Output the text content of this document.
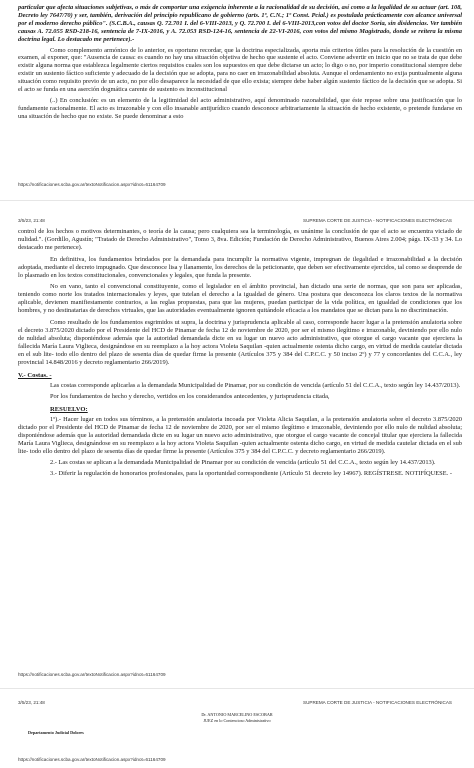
particular que afecta situaciones subjetivas, o más de comportar una exigencia inherente a la racionalidad de su decisión, así como a la legalidad de su actuar (art. 108, Decreto ley 7647/70) y ser, también, derivación del principio republicano de gobierno (arts. 1º, C.N.; 1º Const. Pcial.) es postulada prácticamente con alcance universal por el moderno derecho público". (S.C.B.A., causas Q. 72.701 I. del 6-VIII-2013, y Q. 72.700 I. del 6-VIII-2013,con votos del doctor Soria, sin disidencias. Ver también causas A. 72.055 RSD-218-16, sentencia de 7-IX-2016, y A. 72.053 RSD-124-16, sentencia de 22-VI-2016, con votos del mismo Magistrado, donde se reitera la misma doctrina legal. Lo destacado me pertenece).-

Como complemento armónico de lo anterior, es oportuno recordar, que la doctrina especializada, aporta más criterios útiles para la resolución de la cuestión en examen, al exponer, que: "Ausencia de causa: es cuando no hay una situación objetiva de hecho que sustente el acto. Conviene advertir en inicio que no se trata de que debe existir alguna norma que establezca legalmente ciertos requisitos cuales son los supuestos en que debe dictarse un acto; lo digo o no, por imperio constitucional siempre debe existir un sustento fáctico suficiente y adecuado de la decisión que se adopta, para no caer en irrazonabilidad absoluta. Aunque el ordenamiento no exija puntualmente alguna situación como requisito previo de un acto, no por ello desaparece la necesidad de que ello exista; siempre debe haber algún sustento fáctico de la decisión que se adopta. Si el acto se funda en una aserción dogmática carente de sustento es inconstitucional

(..) En conclusión: es un elemento de la legitimidad del acto administrativo, aquí denominado razonabilidad, que éste repose sobre una justificación que lo fundamente racionalmente. El acto es irrazonable y con ello insanable antijurídico cuando desconoce arbitrariamente la situación de hecho existente, o pretende fundarse en una situación de hecho que no existe. Se puede denominar a esto

https://notificaciones.scba.gov.ar/textoNotificacion.aspx?idnot=61164709

3/5/23, 21:48	SUPREMA CORTE DE JUSTICIA - NOTIFICACIONES ELECTRÓNICAS

control de los hechos o motivos determinantes, o teoría de la causa; pero cualquiera sea la terminología, es unánime la conclusión de que el acto se encuentra viciado de nulidad.". (Gordillo, Agustín; "Tratado de Derecho Administrativo", Tomo 3, 8va. Edición; Fundación de Derecho Administrativo, Buenos Aires 2.004; págs. IX-33 y 34. Lo destacado me pertenece).

En definitiva, los fundamentos brindados por la demandada para incumplir la normativa vigente, impregnan de ilegalidad e irrazonabilidad a la decisión adoptada, mediante el decreto impugnado. Que desconoce lisa y llanamente, los derechos de la peticionante, que deben ser efectivamente ejercidos, tal como se desprende de lo plasmado en los textos constitucionales, convencionales y legales, que funda la presente.

No en vano, tanto el convencional constituyente, como el legislador en el ámbito provincial, han dictado una serie de normas, que son para ser aplicadas, teniendo como norte los tratados internacionales y leyes, que tutelan el derecho a la igualdad de género. Una postura que desconozca los claros textos de la normativa aplicable, devienen manifiestamente contrarios, a las reglas propuestas, para que las mujeres, puedan participar de la vida política, en igualdad de condiciones que los hombres, y no destinatarias de derechos virtuales, que las autoridades eventualmente ignoren quitándole eficacia a los mandatos que se dictan para la no discriminación.

Como resultado de los fundamentos esgrimidos ut supra, la doctrina y jurisprudencia aplicable al caso, corresponde hacer lugar a la pretensión anulatoria sobre el decreto 3.875/2020 dictado por el Presidente del HCD de Pinamar de fecha 12 de noviembre de 2020, por ser el mismo ilegítimo e irrazonable, deviniendo por ello nulo de nulidad absoluta; disponiéndose además que la autoridad demandada dicte en su lugar un nuevo acto administrativo, que otorgue el cargo vacante que ejerciera la fallecida María Laura Viglieca, designándose en su reemplazo a la hoy actora Violeta Saquilan -quien actualmente ostenta dicho cargo, en virtud de medida cautelar dictada en el sub lite- todo ello dentro del plazo de sesenta días de quedar firme la presente (Artículos 375 y 384 del C.P.C.C. y 50 inciso 2º) y 77 y concordantes del C.C.A., ley provincial 14.848/2016 y decreto reglamentario 266/2019).

V.- Costas. -

Las costas corresponde aplicarlas a la demandada Municipalidad de Pinamar, por su condición de vencida (artículo 51 del C.C.A., texto según ley 14.437/2013).

Por los fundamentos de hecho y derecho, vertidos en los considerandos antecedentes, y jurisprudencia citada,

RESUELVO:

1º).- Hacer lugar en todos sus términos, a la pretensión anulatoria incoada por Violeta Alicia Saquilan, a la pretensión anulatoria sobre el decreto 3.875/2020 dictado por el Presidente del HCD de Pinamar de fecha 12 de noviembre de 2020, por ser el mismo ilegítimo e irrazonable, deviniendo por ello nulo de nulidad absoluta; disponiéndose además que la autoridad demandada dicte en su lugar un nuevo acto administrativo, que otorgue el cargo vacante de concejal titular que ejerciera la fallecida María Laura Viglieca, designándose en su reemplazo a la hoy actora Violeta Saquilan -quien actualmente ostenta dicho cargo, en virtud de medida cautelar dictada en el sub lite- todo ello dentro del plazo de sesenta días de quedar firme la presente (Artículos 375 y 384 del C.P.C.C. y decreto reglamentario 266/2019).

2.- Las costas se aplican a la demandada Municipalidad de Pinamar por su condición de vencida (artículo 51 del C.C.A., texto según ley 14.437/2013).

3.- Diferir la regulación de honorarios profesionales, para la oportunidad correspondiente (Artículo 51 decreto ley 14967). REGÍSTRESE. NOTIFÍQUESE. -

https://notificaciones.scba.gov.ar/textoNotificacion.aspx?idnot=61164709

3/5/23, 21:48	SUPREMA CORTE DE JUSTICIA - NOTIFICACIONES ELECTRÓNICAS
Dr. ANTONIO MARCELINO ESCOBAR
JUEZ en lo Contencioso Administrativo
Departamento Judicial Dolores

https://notificaciones.scba.gov.ar/textoNotificacion.aspx?idnot=61164709
